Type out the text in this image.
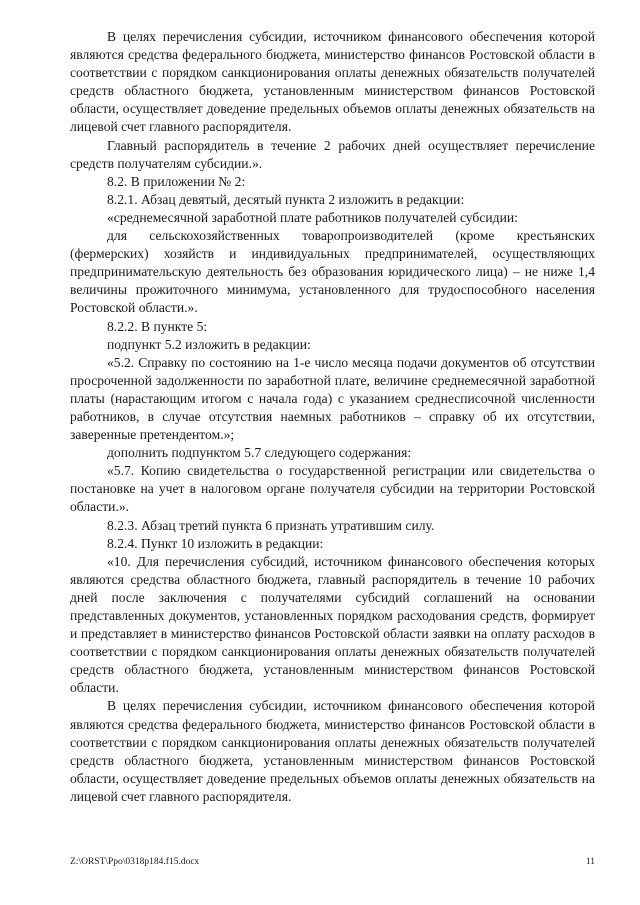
В целях перечисления субсидии, источником финансового обеспечения которой являются средства федерального бюджета, министерство финансов Ростовской области в соответствии с порядком санкционирования оплаты денежных обязательств получателей средств областного бюджета, установленным министерством финансов Ростовской области, осуществляет доведение предельных объемов оплаты денежных обязательств на лицевой счет главного распорядителя.

Главный распорядитель в течение 2 рабочих дней осуществляет перечисление средств получателям субсидии.».

8.2. В приложении № 2:

8.2.1. Абзац девятый, десятый пункта 2 изложить в редакции:

«среднемесячной заработной плате работников получателей субсидии:

для сельскохозяйственных товаропроизводителей (кроме крестьянских (фермерских) хозяйств и индивидуальных предпринимателей, осуществляющих предпринимательскую деятельность без образования юридического лица) – не ниже 1,4 величины прожиточного минимума, установленного для трудоспособного населения Ростовской области.».

8.2.2. В пункте 5:

подпункт 5.2 изложить в редакции:

«5.2. Справку по состоянию на 1-е число месяца подачи документов об отсутствии просроченной задолженности по заработной плате, величине среднемесячной заработной платы (нарастающим итогом с начала года) с указанием среднесписочной численности работников, в случае отсутствия наемных работников – справку об их отсутствии, заверенные претендентом.»;

дополнить подпунктом 5.7 следующего содержания:

«5.7. Копию свидетельства о государственной регистрации или свидетельства о постановке на учет в налоговом органе получателя субсидии на территории Ростовской области.».

8.2.3. Абзац третий пункта 6 признать утратившим силу.

8.2.4. Пункт 10 изложить в редакции:

«10. Для перечисления субсидий, источником финансового обеспечения которых являются средства областного бюджета, главный распорядитель в течение 10 рабочих дней после заключения с получателями субсидий соглашений на основании представленных документов, установленных порядком расходования средств, формирует и представляет в министерство финансов Ростовской области заявки на оплату расходов в соответствии с порядком санкционирования оплаты денежных обязательств получателей средств областного бюджета, установленным министерством финансов Ростовской области.

В целях перечисления субсидии, источником финансового обеспечения которой являются средства федерального бюджета, министерство финансов Ростовской области в соответствии с порядком санкционирования оплаты денежных обязательств получателей средств областного бюджета, установленным министерством финансов Ростовской области, осуществляет доведение предельных объемов оплаты денежных обязательств на лицевой счет главного распорядителя.

Z:\ORST\Ppo\0318p184.f15.docx	11
